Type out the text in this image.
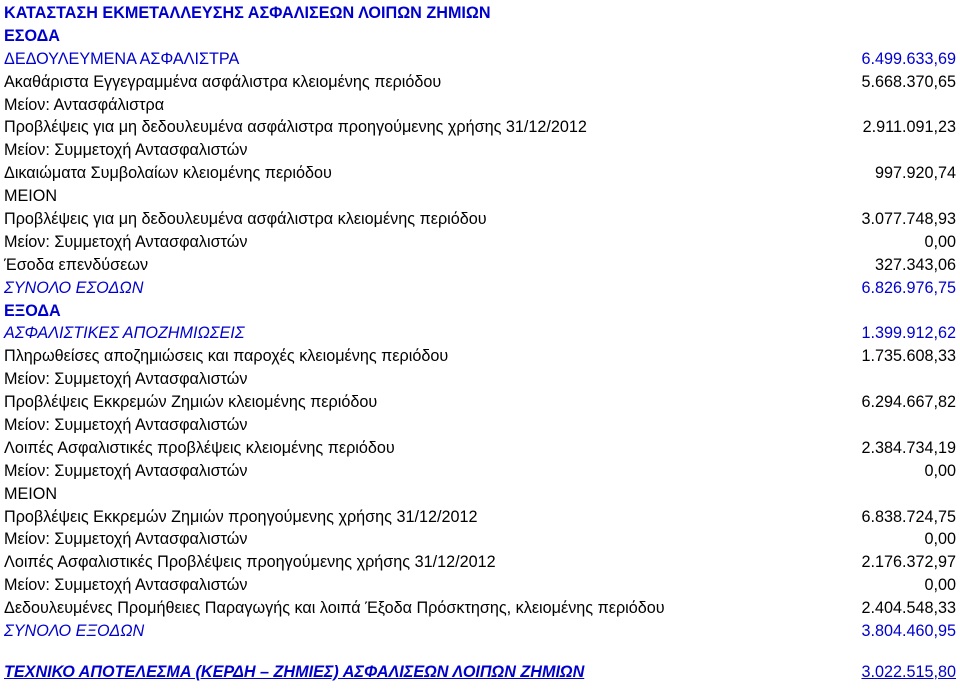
ΚΑΤΑΣΤΑΣΗ ΕΚΜΕΤΑΛΛΕΥΣΗΣ ΑΣΦΑΛΙΣΕΩΝ ΛΟΙΠΩΝ ΖΗΜΙΩΝ
ΕΣΟΔΑ
ΔΕΔΟΥΛΕΥΜΕΝΑ ΑΣΦΑΛΙΣΤΡΑ	6.499.633,69
Ακαθάριστα Εγγεγραμμένα ασφάλιστρα κλειομένης περιόδου	5.668.370,65
Μείον: Αντασφάλιστρα
Προβλέψεις για μη δεδουλευμένα ασφάλιστρα προηγούμενης χρήσης 31/12/2012	2.911.091,23
Μείον: Συμμετοχή Αντασφαλιστών
Δικαιώματα Συμβολαίων κλειομένης περιόδου	997.920,74
ΜΕΙΟΝ
Προβλέψεις για μη δεδουλευμένα ασφάλιστρα κλειομένης περιόδου	3.077.748,93
Μείον: Συμμετοχή Αντασφαλιστών	0,00
Έσοδα επενδύσεων	327.343,06
ΣΥΝΟΛΟ ΕΣΟΔΩΝ	6.826.976,75
ΕΞΟΔΑ
ΑΣΦΑΛΙΣΤΙΚΕΣ ΑΠΟΖΗΜΙΩΣΕΙΣ	1.399.912,62
Πληρωθείσες αποζημιώσεις και παροχές κλειομένης περιόδου	1.735.608,33
Μείον: Συμμετοχή Αντασφαλιστών
Προβλέψεις Εκκρεμών Ζημιών κλειομένης περιόδου	6.294.667,82
Μείον: Συμμετοχή Αντασφαλιστών
Λοιπές Ασφαλιστικές προβλέψεις κλειομένης περιόδου	2.384.734,19
Μείον: Συμμετοχή Αντασφαλιστών	0,00
ΜΕΙΟΝ
Προβλέψεις Εκκρεμών Ζημιών προηγούμενης χρήσης 31/12/2012	6.838.724,75
Μείον: Συμμετοχή Αντασφαλιστών	0,00
Λοιπές Ασφαλιστικές Προβλέψεις προηγούμενης χρήσης 31/12/2012	2.176.372,97
Μείον: Συμμετοχή Αντασφαλιστών	0,00
Δεδουλευμένες Προμήθειες Παραγωγής και λοιπά Έξοδα Πρόσκτησης, κλειομένης περιόδου	2.404.548,33
ΣΥΝΟΛΟ ΕΞΟΔΩΝ	3.804.460,95
ΤΕΧΝΙΚΟ ΑΠΟΤΕΛΕΣΜΑ (ΚΕΡΔΗ – ΖΗΜΙΕΣ) ΑΣΦΑΛΙΣΕΩΝ ΛΟΙΠΩΝ ΖΗΜΙΩΝ	3.022.515,80
